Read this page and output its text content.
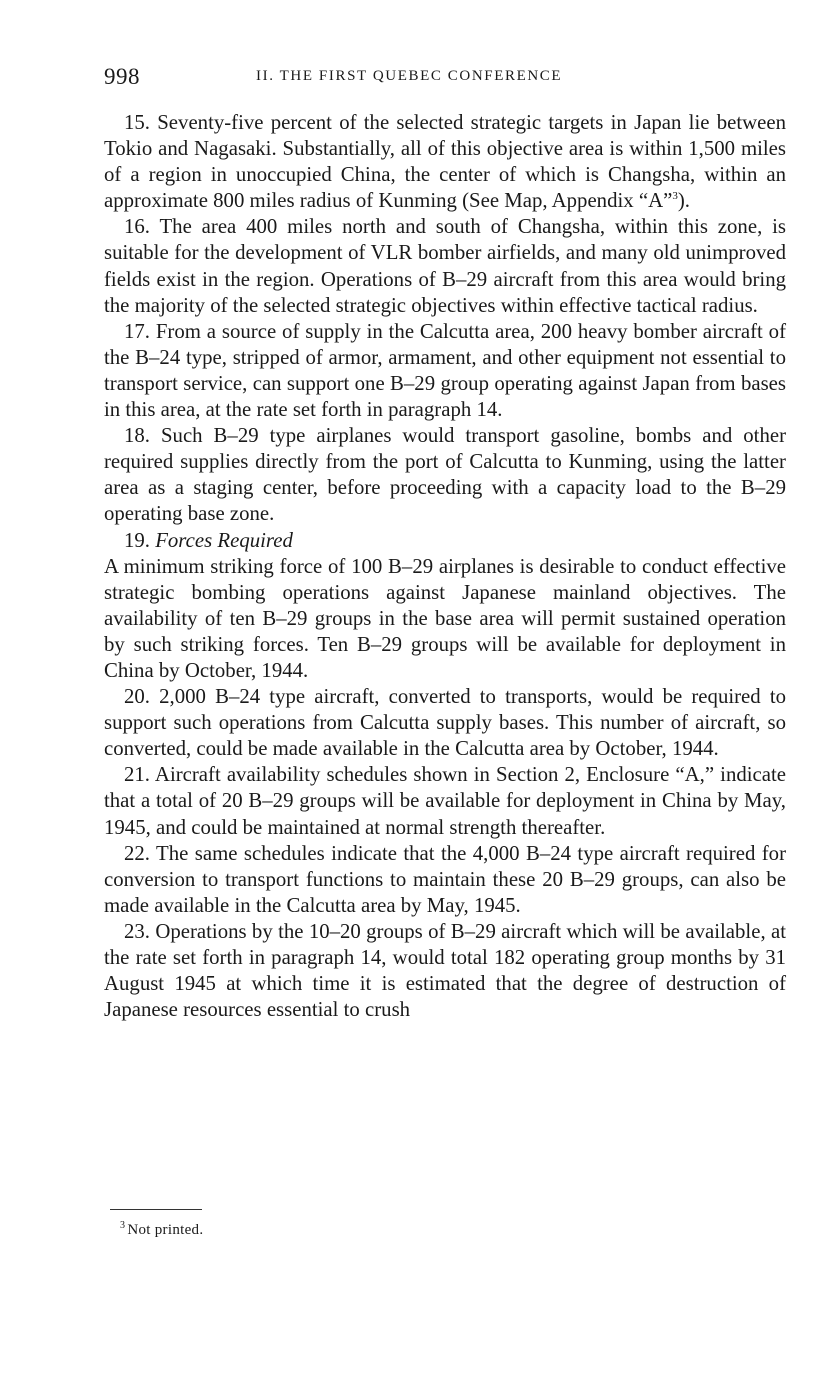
998	II. THE FIRST QUEBEC CONFERENCE

15. Seventy-five percent of the selected strategic targets in Japan lie between Tokio and Nagasaki. Substantially, all of this objective area is within 1,500 miles of a region in unoccupied China, the center of which is Changsha, within an approximate 800 miles radius of Kunming (See Map, Appendix “A”$^3$).

16. The area 400 miles north and south of Changsha, within this zone, is suitable for the development of VLR bomber airfields, and many old unimproved fields exist in the region. Operations of B–29 aircraft from this area would bring the majority of the selected strategic objectives within effective tactical radius.

17. From a source of supply in the Calcutta area, 200 heavy bomber aircraft of the B–24 type, stripped of armor, armament, and other equipment not essential to transport service, can support one B–29 group operating against Japan from bases in this area, at the rate set forth in paragraph 14.

18. Such B–29 type airplanes would transport gasoline, bombs and other required supplies directly from the port of Calcutta to Kunming, using the latter area as a staging center, before proceeding with a capacity load to the B–29 operating base zone.

19. Forces Required

A minimum striking force of 100 B–29 airplanes is desirable to conduct effective strategic bombing operations against Japanese mainland objectives. The availability of ten B–29 groups in the base area will permit sustained operation by such striking forces. Ten B–29 groups will be available for deployment in China by October, 1944.

20. 2,000 B–24 type aircraft, converted to transports, would be required to support such operations from Calcutta supply bases. This number of aircraft, so converted, could be made available in the Calcutta area by October, 1944.

21. Aircraft availability schedules shown in Section 2, Enclosure “A,” indicate that a total of 20 B–29 groups will be available for deployment in China by May, 1945, and could be maintained at normal strength thereafter.

22. The same schedules indicate that the 4,000 B–24 type aircraft required for conversion to transport functions to maintain these 20 B–29 groups, can also be made available in the Calcutta area by May, 1945.

23. Operations by the 10–20 groups of B–29 aircraft which will be available, at the rate set forth in paragraph 14, would total 182 operating group months by 31 August 1945 at which time it is estimated that the degree of destruction of Japanese resources essential to crush

$^3$ Not printed.
